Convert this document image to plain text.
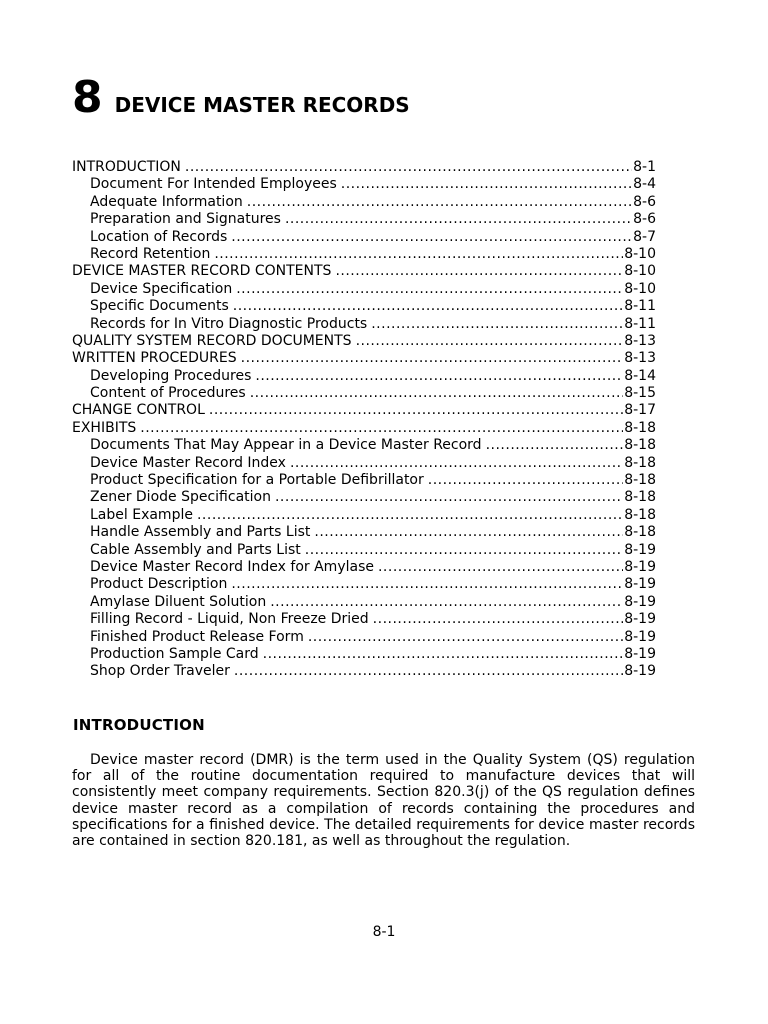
8 DEVICE MASTER RECORDS
INTRODUCTION .....	8-1
Document For Intended Employees .....	8-4
Adequate Information .....	8-6
Preparation and Signatures .....	8-6
Location of Records .....	8-7
Record Retention .....	8-10
DEVICE MASTER RECORD CONTENTS .....	8-10
Device Specification .....	8-10
Specific Documents .....	8-11
Records for In Vitro Diagnostic Products .....	8-11
QUALITY SYSTEM RECORD DOCUMENTS .....	8-13
WRITTEN PROCEDURES .....	8-13
Developing Procedures .....	8-14
Content of Procedures .....	8-15
CHANGE CONTROL .....	8-17
EXHIBITS .....	8-18
Documents That May Appear in a Device Master Record .....	8-18
Device Master Record Index .....	8-18
Product Specification for a Portable Defibrillator .....	8-18
Zener Diode Specification .....	8-18
Label Example .....	8-18
Handle Assembly and Parts List .....	8-18
Cable Assembly and Parts List .....	8-19
Device Master Record Index for Amylase .....	8-19
Product Description .....	8-19
Amylase Diluent Solution .....	8-19
Filling Record - Liquid, Non Freeze Dried .....	8-19
Finished Product Release Form .....	8-19
Production Sample Card .....	8-19
Shop Order Traveler .....	8-19
INTRODUCTION

Device master record (DMR) is the term used in the Quality System (QS) regulation for all of the routine documentation required to manufacture devices that will consistently meet company requirements. Section 820.3(j) of the QS regulation defines device master record as a compilation of records containing the procedures and specifications for a finished device. The detailed requirements for device master records are contained in section 820.181, as well as throughout the regulation.

8-1
